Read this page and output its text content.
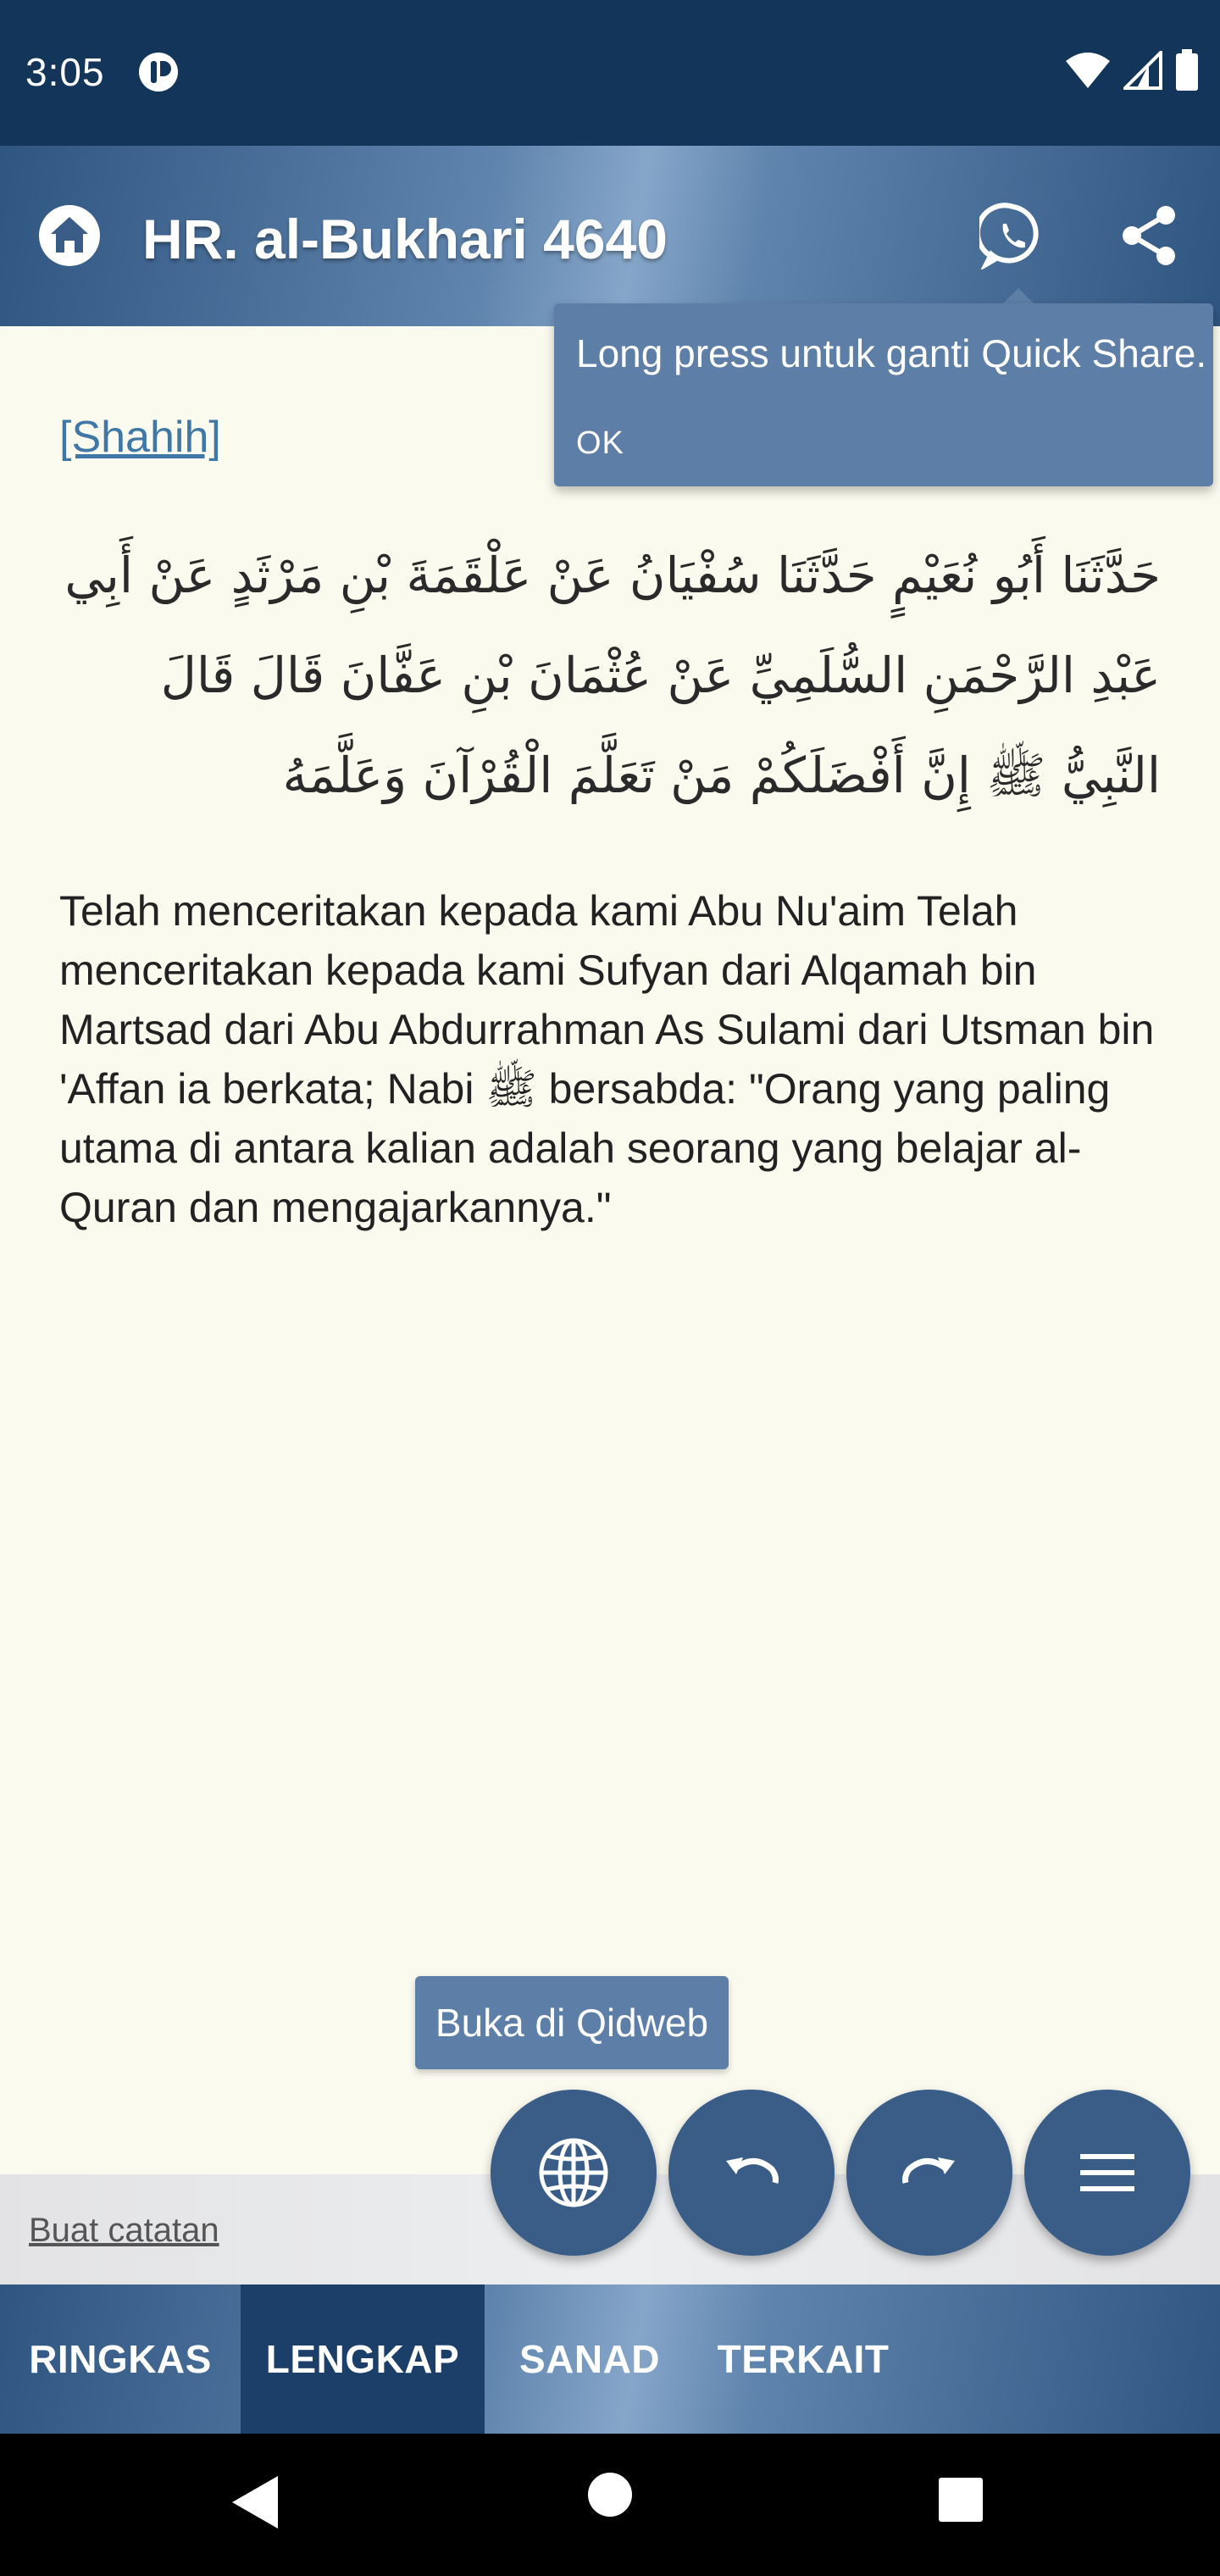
3:05
HR. al-Bukhari 4640
Long press untuk ganti Quick Share.
OK
[Shahih]
حَدَّثَنَا أَبُو نُعَيْمٍ حَدَّثَنَا سُفْيَانُ عَنْ عَلْقَمَةَ بْنِ مَرْثَدٍ عَنْ أَبِي عَبْدِ الرَّحْمَنِ السُّلَمِيِّ عَنْ عُثْمَانَ بْنِ عَفَّانَ قَالَ قَالَ النَّبِيُّ ﷺ إِنَّ أَفْضَلَكُمْ مَنْ تَعَلَّمَ الْقُرْآنَ وَعَلَّمَهُ
Telah menceritakan kepada kami Abu Nu'aim Telah menceritakan kepada kami Sufyan dari Alqamah bin Martsad dari Abu Abdurrahman As Sulami dari Utsman bin 'Affan ia berkata; Nabi ﷺ bersabda: "Orang yang paling utama di antara kalian adalah seorang yang belajar al-Quran dan mengajarkannya."
Buat catatan
Buka di Qidweb
RINGKAS	LENGKAP	SANAD	TERKAIT
